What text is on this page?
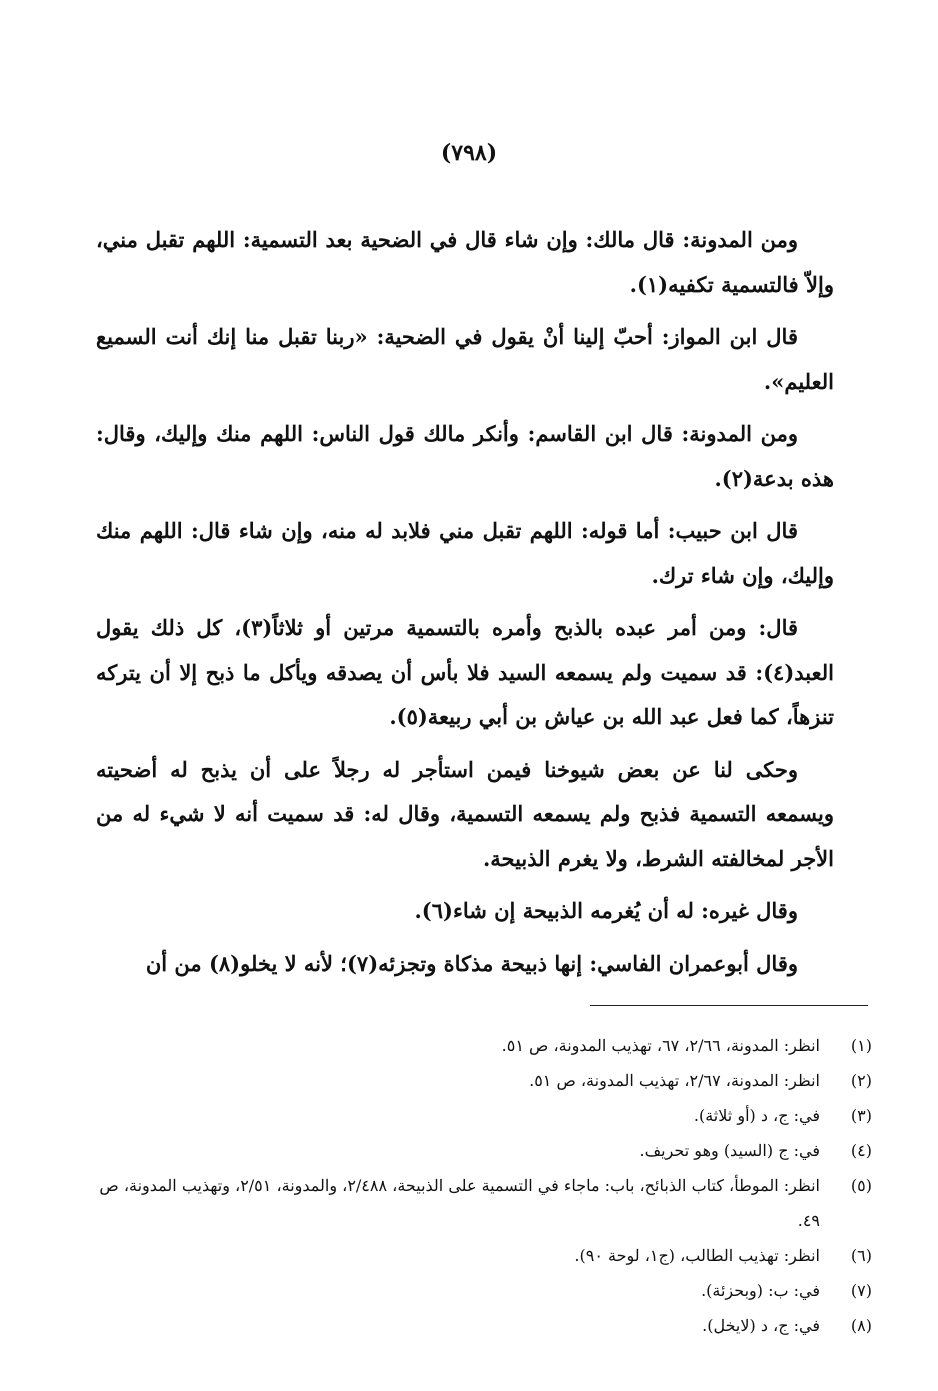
(٧٩٨)

ومن المدونة: قال مالك: وإن شاء قال في الضحية بعد التسمية: اللهم تقبل مني، وإلاّ فالتسمية تكفيه(١).

قال ابن المواز: أحبّ إلينا أنْ يقول في الضحية: «ربنا تقبل منا إنك أنت السميع العليم».

ومن المدونة: قال ابن القاسم: وأنكر مالك قول الناس: اللهم منك وإليك، وقال: هذه بدعة(٢).

قال ابن حبيب: أما قوله: اللهم تقبل مني فلابد له منه، وإن شاء قال: اللهم منك وإليك، وإن شاء ترك.

قال: ومن أمر عبده بالذبح وأمره بالتسمية مرتين أو ثلاثاً(٣)، كل ذلك يقول العبد(٤): قد سميت ولم يسمعه السيد فلا بأس أن يصدقه ويأكل ما ذبح إلا أن يتركه تنزهاً، كما فعل عبد الله بن عياش بن أبي ربيعة(٥).

وحكى لنا عن بعض شيوخنا فيمن استأجر له رجلاً على أن يذبح له أضحيته ويسمعه التسمية فذبح ولم يسمعه التسمية، وقال له: قد سميت أنه لا شيء له من الأجر لمخالفته الشرط، ولا يغرم الذبيحة.

وقال غيره: له أن يُغرمه الذبيحة إن شاء(٦).

وقال أبوعمران الفاسي: إنها ذبيحة مذكاة وتجزئه(٧)؛ لأنه لا يخلو(٨) من أن

(١)
انظر: المدونة، ٢/٦٦، ٦٧، تهذيب المدونة، ص ٥١.
(٢)
انظر: المدونة، ٢/٦٧، تهذيب المدونة، ص ٥١.
(٣)
في: ج، د (أو ثلاثة).
(٤)
في: ج (السيد) وهو تحريف.
(٥)
انظر: الموطأ، كتاب الذبائح، باب: ماجاء في التسمية على الذبيحة، ٢/٤٨٨، والمدونة، ٢/٥١، وتهذيب المدونة، ص ٤٩.
(٦)
انظر: تهذيب الطالب، (ج١، لوحة ٩٠).
(٧)
في: ب: (وبحزئة).
(٨)
في: ج، د (لايخل).
